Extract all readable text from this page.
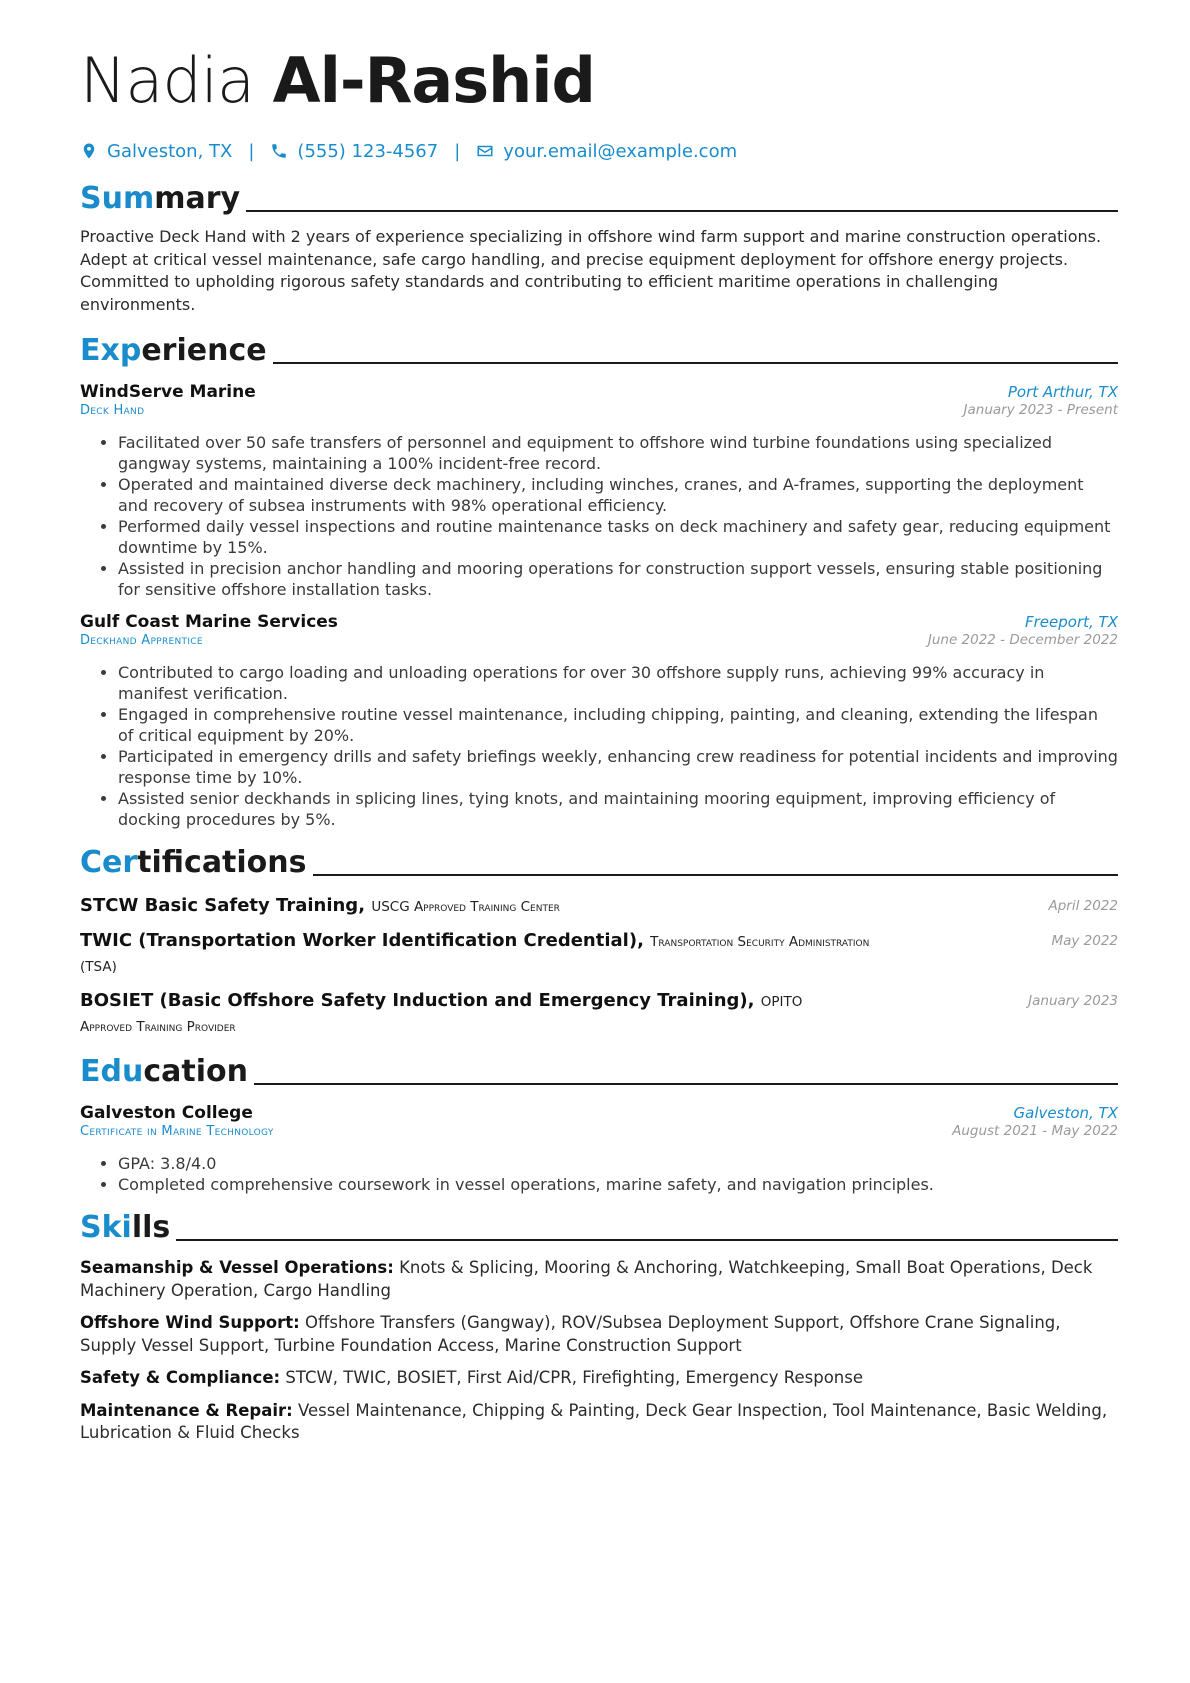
Nadia Al-Rashid
Galveston, TX | (555) 123-4567 | your.email@example.com
Summary
Proactive Deck Hand with 2 years of experience specializing in offshore wind farm support and marine construction operations. Adept at critical vessel maintenance, safe cargo handling, and precise equipment deployment for offshore energy projects. Committed to upholding rigorous safety standards and contributing to efficient maritime operations in challenging environments.
Experience
WindServe Marine	Port Arthur, TX
Deck Hand	January 2023 - Present
• Facilitated over 50 safe transfers of personnel and equipment to offshore wind turbine foundations using specialized gangway systems, maintaining a 100% incident-free record.
• Operated and maintained diverse deck machinery, including winches, cranes, and A-frames, supporting the deployment and recovery of subsea instruments with 98% operational efficiency.
• Performed daily vessel inspections and routine maintenance tasks on deck machinery and safety gear, reducing equipment downtime by 15%.
• Assisted in precision anchor handling and mooring operations for construction support vessels, ensuring stable positioning for sensitive offshore installation tasks.
Gulf Coast Marine Services	Freeport, TX
Deckhand Apprentice	June 2022 - December 2022
• Contributed to cargo loading and unloading operations for over 30 offshore supply runs, achieving 99% accuracy in manifest verification.
• Engaged in comprehensive routine vessel maintenance, including chipping, painting, and cleaning, extending the lifespan of critical equipment by 20%.
• Participated in emergency drills and safety briefings weekly, enhancing crew readiness for potential incidents and improving response time by 10%.
• Assisted senior deckhands in splicing lines, tying knots, and maintaining mooring equipment, improving efficiency of docking procedures by 5%.
Certifications
STCW Basic Safety Training, USCG Approved Training Center	April 2022
TWIC (Transportation Worker Identification Credential), Transportation Security Administration (TSA)
May 2022
BOSIET (Basic Offshore Safety Induction and Emergency Training), OPITO Approved Training Provider
January 2023
Education
Galveston College	Galveston, TX
Certificate in Marine Technology	August 2021 - May 2022
• GPA: 3.8/4.0
• Completed comprehensive coursework in vessel operations, marine safety, and navigation principles.
Skills
Seamanship & Vessel Operations: Knots & Splicing, Mooring & Anchoring, Watchkeeping, Small Boat Operations, Deck Machinery Operation, Cargo Handling
Offshore Wind Support: Offshore Transfers (Gangway), ROV/Subsea Deployment Support, Offshore Crane Signaling, Supply Vessel Support, Turbine Foundation Access, Marine Construction Support
Safety & Compliance: STCW, TWIC, BOSIET, First Aid/CPR, Firefighting, Emergency Response
Maintenance & Repair: Vessel Maintenance, Chipping & Painting, Deck Gear Inspection, Tool Maintenance, Basic Welding, Lubrication & Fluid Checks
